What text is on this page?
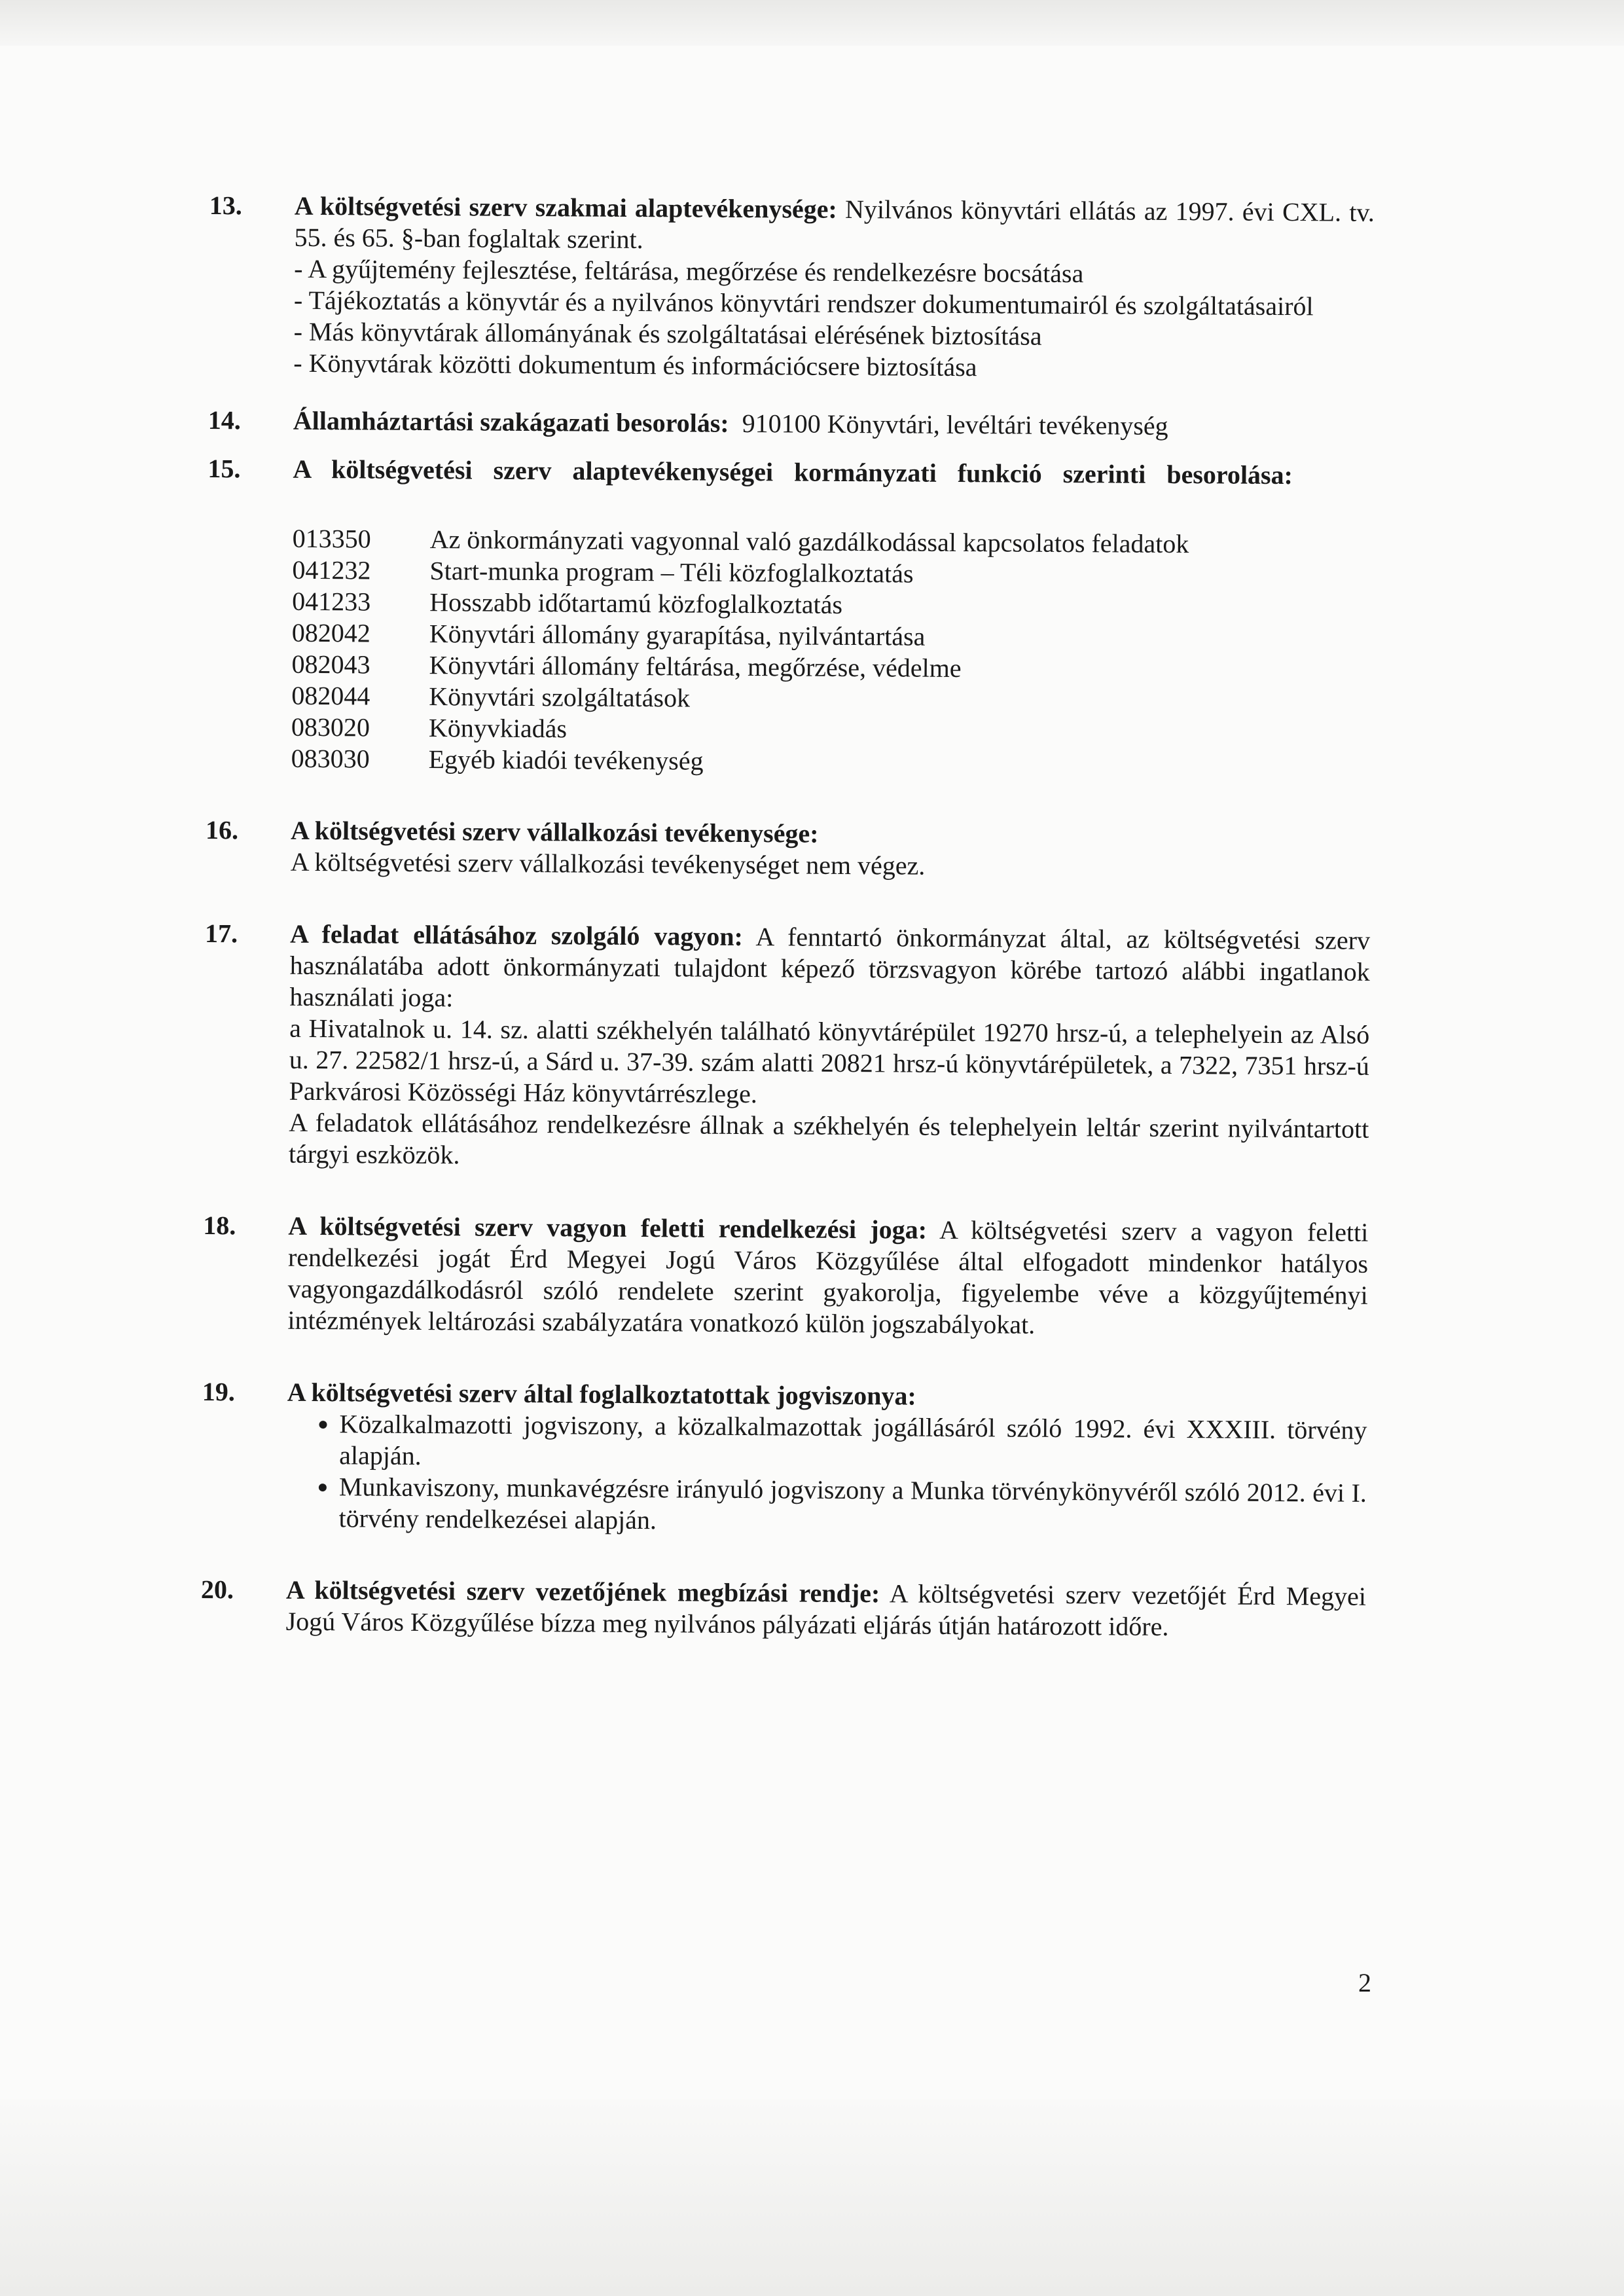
13. A költségvetési szerv szakmai alaptevékenysége: Nyilvános könyvtári ellátás az 1997. évi CXL. tv. 55. és 65. §-ban foglaltak szerint.
- A gyűjtemény fejlesztése, feltárása, megőrzése és rendelkezésre bocsátása
- Tájékoztatás a könyvtár és a nyilvános könyvtári rendszer dokumentumairól és szolgáltatásairól
- Más könyvtárak állományának és szolgáltatásai elérésének biztosítása
- Könyvtárak közötti dokumentum és információcsere biztosítása
14. Államháztartási szakágazati besorolás:  910100 Könyvtári, levéltári tevékenység
15. A költségvetési szerv alaptevékenységei kormányzati funkció szerinti besorolása:
013350	Az önkormányzati vagyonnal való gazdálkodással kapcsolatos feladatok
041232	Start-munka program – Téli közfoglalkoztatás
041233	Hosszabb időtartamú közfoglalkoztatás
082042	Könyvtári állomány gyarapítása, nyilvántartása
082043	Könyvtári állomány feltárása, megőrzése, védelme
082044	Könyvtári szolgáltatások
083020	Könyvkiadás
083030	Egyéb kiadói tevékenység
16. A költségvetési szerv vállalkozási tevékenysége:
A költségvetési szerv vállalkozási tevékenységet nem végez.
17. A feladat ellátásához szolgáló vagyon: A fenntartó önkormányzat által, az költségvetési szerv használatába adott önkormányzati tulajdont képező törzsvagyon körébe tartozó alábbi ingatlanok használati joga:
a Hivatalnok u. 14. sz. alatti székhelyén található könyvtárépület 19270 hrsz-ú, a telephelyein az Alsó u. 27. 22582/1 hrsz-ú, a Sárd u. 37-39. szám alatti 20821 hrsz-ú könyvtárépületek, a 7322, 7351 hrsz-ú Parkvárosi Közösségi Ház könyvtárrészlege.
A feladatok ellátásához rendelkezésre állnak a székhelyén és telephelyein leltár szerint nyilvántartott tárgyi eszközök.
18. A költségvetési szerv vagyon feletti rendelkezési joga: A költségvetési szerv a vagyon feletti rendelkezési jogát Érd Megyei Jogú Város Közgyűlése által elfogadott mindenkor hatályos vagyongazdálkodásról szóló rendelete szerint gyakorolja, figyelembe véve a közgyűjteményi intézmények leltározási szabályzatára vonatkozó külön jogszabályokat.
19. A költségvetési szerv által foglalkoztatottak jogviszonya:
• Közalkalmazotti jogviszony, a közalkalmazottak jogállásáról szóló 1992. évi XXXIII. törvény alapján.
• Munkaviszony, munkavégzésre irányuló jogviszony a Munka törvénykönyvéről szóló 2012. évi I. törvény rendelkezései alapján.
20. A költségvetési szerv vezetőjének megbízási rendje: A költségvetési szerv vezetőjét Érd Megyei Jogú Város Közgyűlése bízza meg nyilvános pályázati eljárás útján határozott időre.
2
